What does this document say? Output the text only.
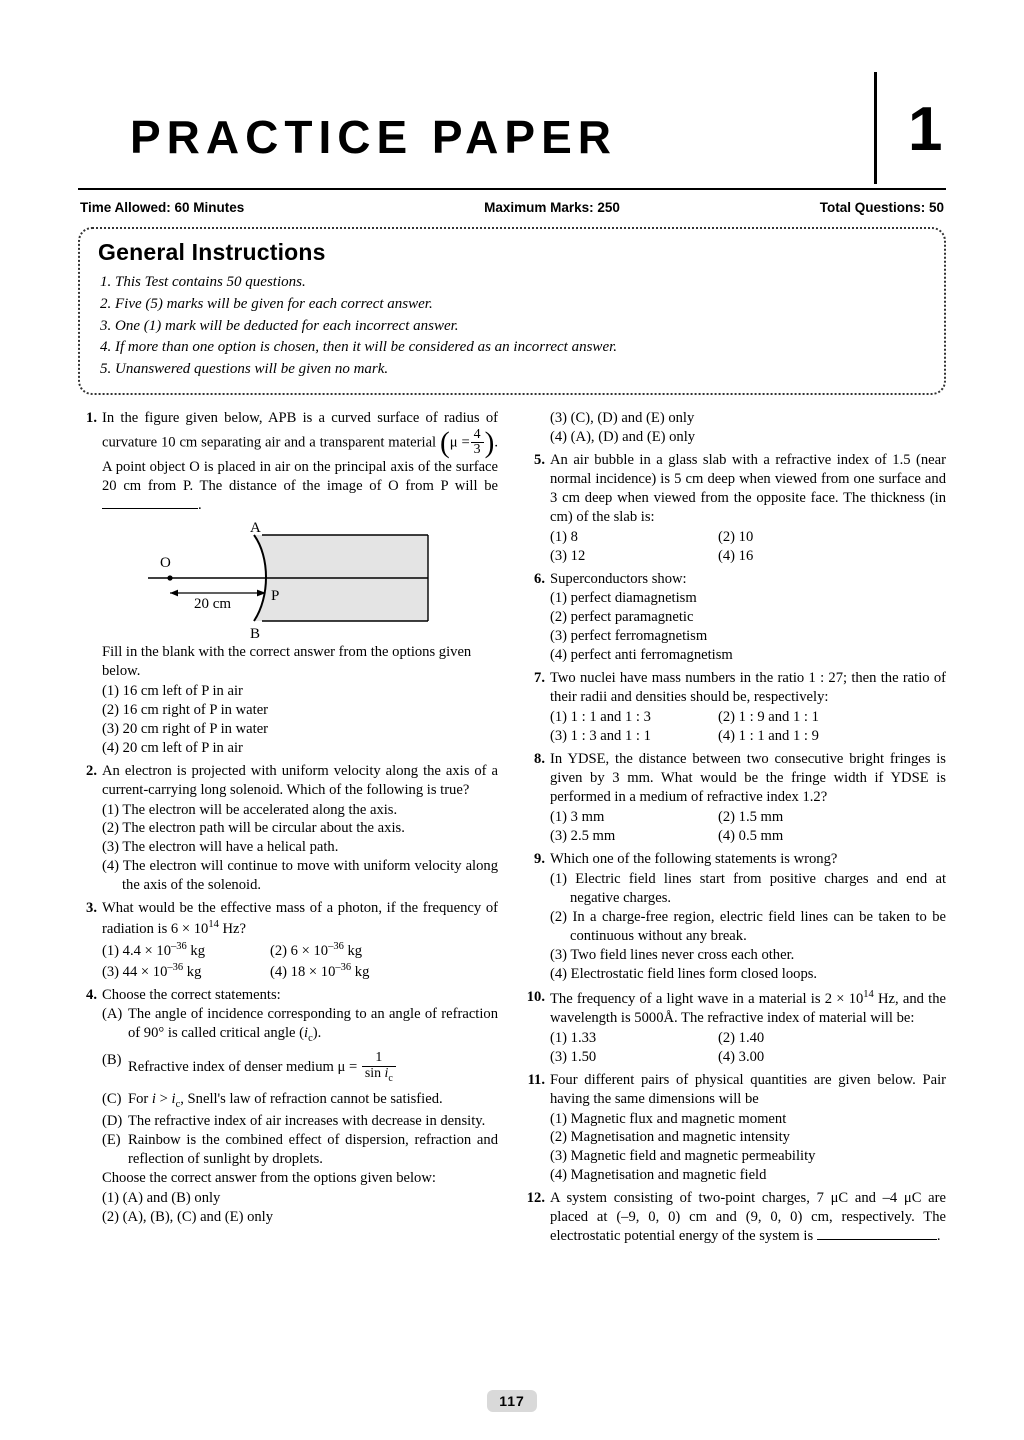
PRACTICE PAPER	1
Time Allowed: 60 Minutes	Maximum Marks: 250	Total Questions: 50
General Instructions
1. This Test contains 50 questions.
2. Five (5) marks will be given for each correct answer.
3. One (1) mark will be deducted for each incorrect answer.
4. If more than one option is chosen, then it will be considered as an incorrect answer.
5. Unanswered questions will be given no mark.
1. In the figure given below, APB is a curved surface of radius of curvature 10 cm separating air and a transparent material ($\mu = \frac{4}{3}$ ). A point object O is placed in air on the principal axis of the surface 20 cm from P. The distance of the image of O from P will be .
A
B
O
P
20 cm
Fill in the blank with the correct answer from the options given below.
(1) 16 cm left of P in air
(2) 16 cm right of P in water
(3) 20 cm right of P in water
(4) 20 cm left of P in air
2. An electron is projected with uniform velocity along the axis of a current-carrying long solenoid. Which of the following is true?
(1) The electron will be accelerated along the axis.
(2) The electron path will be circular about the axis.
(3) The electron will have a helical path.
(4) The electron will continue to move with uniform velocity along the axis of the solenoid.
3. What would be the effective mass of a photon, if the frequency of radiation is $6 \times 10^{14}$ Hz?
(1) $4.4 \times 10^{-36}$ kg	(2) $6 \times 10^{-36}$ kg
(3) $44 \times 10^{-36}$ kg	(4) $18 \times 10^{-36}$ kg
4. Choose the correct statements:
(A) The angle of incidence corresponding to an angle of refraction of 90° is called critical angle $(i_c)$.
(B) Refractive index of denser medium $\mu = \frac{1}{\sin i_c}$
(C) For $i > i_c$, Snell's law of refraction cannot be satisfied.
(D) The refractive index of air increases with decrease in density.
(E) Rainbow is the combined effect of dispersion, refraction and reflection of sunlight by droplets.
Choose the correct answer from the options given below:
(1) (A) and (B) only
(2) (A), (B), (C) and (E) only
(3) (C), (D) and (E) only
(4) (A), (D) and (E) only
5. An air bubble in a glass slab with a refractive index of 1.5 (near normal incidence) is 5 cm deep when viewed from one surface and 3 cm deep when viewed from the opposite face. The thickness (in cm) of the slab is:
(1) 8	(2) 10
(3) 12	(4) 16
6. Superconductors show:
(1) perfect diamagnetism
(2) perfect paramagnetic
(3) perfect ferromagnetism
(4) perfect anti ferromagnetism
7. Two nuclei have mass numbers in the ratio 1 : 27; then the ratio of their radii and densities should be, respectively:
(1) 1 : 1 and 1 : 3	(2) 1 : 9 and 1 : 1
(3) 1 : 3 and 1 : 1	(4) 1 : 1 and 1 : 9
8. In YDSE, the distance between two consecutive bright fringes is given by 3 mm. What would be the fringe width if YDSE is performed in a medium of refractive index 1.2?
(1) 3 mm	(2) 1.5 mm
(3) 2.5 mm	(4) 0.5 mm
9. Which one of the following statements is wrong?
(1) Electric field lines start from positive charges and end at negative charges.
(2) In a charge-free region, electric field lines can be taken to be continuous without any break.
(3) Two field lines never cross each other.
(4) Electrostatic field lines form closed loops.
10. The frequency of a light wave in a material is $2 \times 10^{14}$ Hz, and the wavelength is 5000Å. The refractive index of material will be:
(1) 1.33	(2) 1.40
(3) 1.50	(4) 3.00
11. Four different pairs of physical quantities are given below. Pair having the same dimensions will be
(1) Magnetic flux and magnetic moment
(2) Magnetisation and magnetic intensity
(3) Magnetic field and magnetic permeability
(4) Magnetisation and magnetic field
12. A system consisting of two-point charges, 7 μC and –4 μC are placed at (–9, 0, 0) cm and (9, 0, 0) cm, respectively. The electrostatic potential energy of the system is	.
117
